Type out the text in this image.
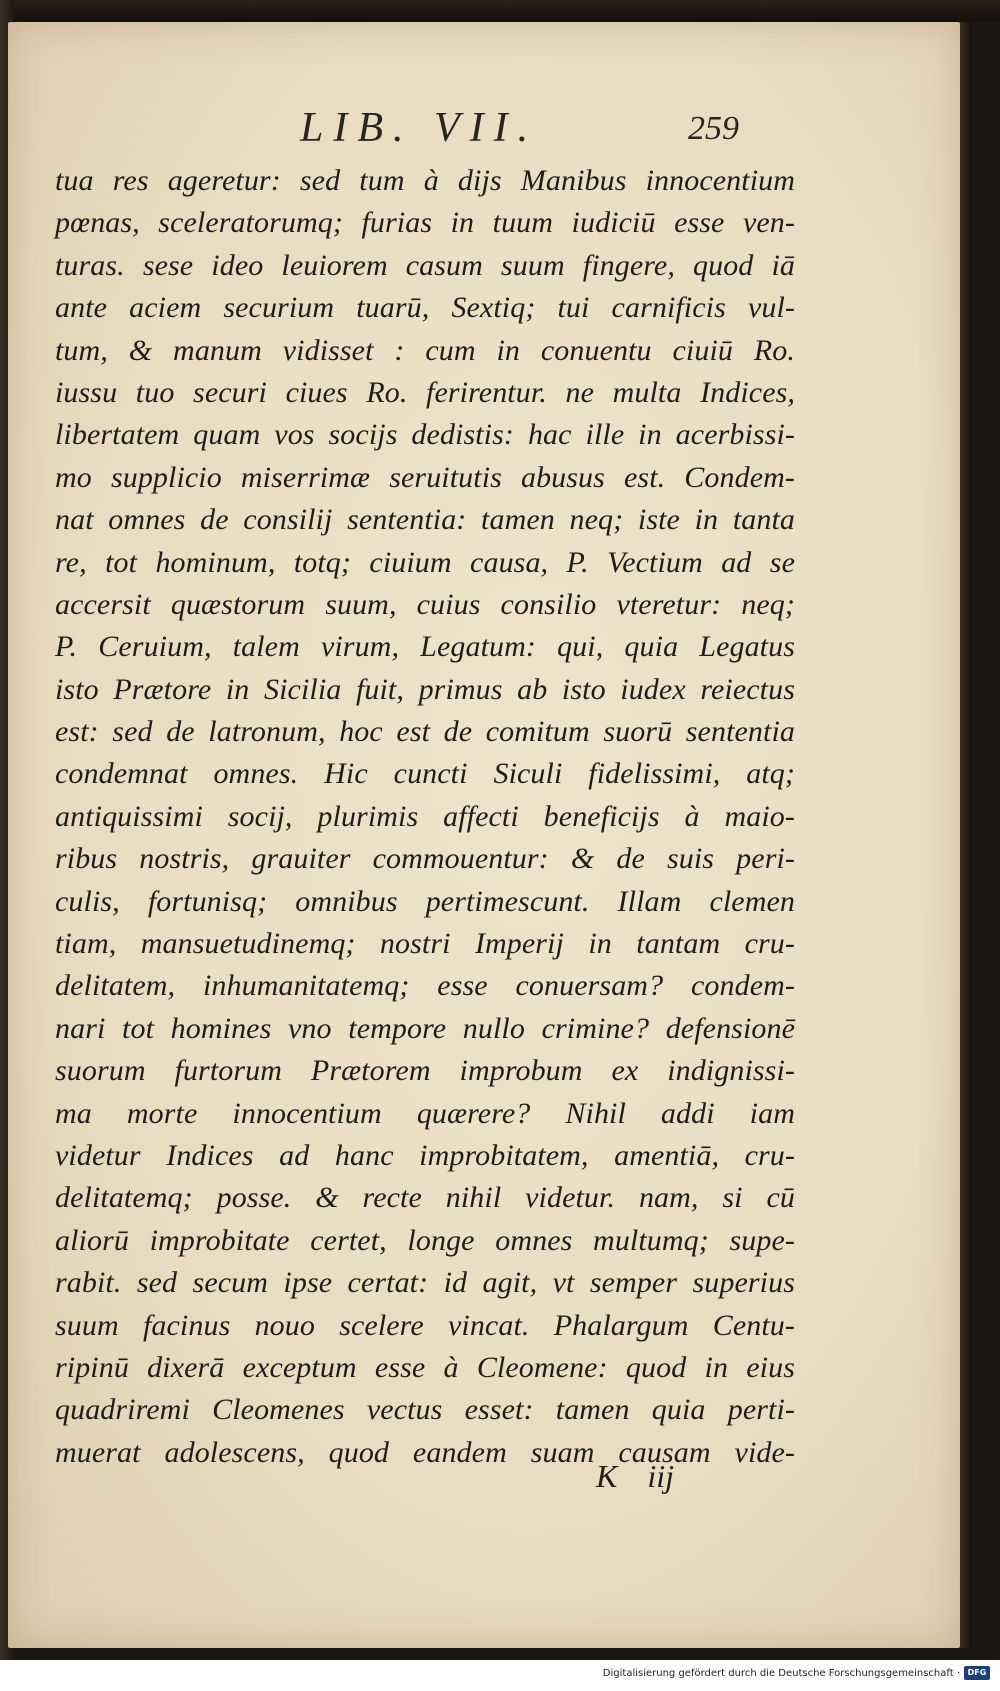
LIB. VII.	259
tua res ageretur: sed tum à dijs Manibus innocentium
pœnas, sceleratorumq; furias in tuum iudiciū esse ven-
turas. sese ideo leuiorem casum suum fingere, quod iā
ante aciem securium tuarū, Sextiq; tui carnificis vul-
tum, & manum vidisset : cum in conuentu ciuiū Ro.
iussu tuo securi ciues Ro. ferirentur. ne multa Indices,
libertatem quam vos socijs dedistis: hac ille in acerbissi-
mo supplicio miserrimæ seruitutis abusus est. Condem-
nat omnes de consilij sententia: tamen neq; iste in tanta
re, tot hominum, totq; ciuium causa, P. Vectium ad se
accersit quæstorum suum, cuius consilio vteretur: neq;
P. Ceruium, talem virum, Legatum: qui, quia Legatus
isto Prætore in Sicilia fuit, primus ab isto iudex reiectus
est: sed de latronum, hoc est de comitum suorū sententia
condemnat omnes. Hic cuncti Siculi fidelissimi, atq;
antiquissimi socij, plurimis affecti beneficijs à maio-
ribus nostris, grauiter commouentur: & de suis peri-
culis, fortunisq; omnibus pertimescunt. Illam clemen
tiam, mansuetudinemq; nostri Imperij in tantam cru-
delitatem, inhumanitatemq; esse conuersam? condem-
nari tot homines vno tempore nullo crimine? defensionē
suorum furtorum Prætorem improbum ex indignissi-
ma morte innocentium quærere? Nihil addi iam
videtur Indices ad hanc improbitatem, amentiā, cru-
delitatemq; posse. & recte nihil videtur. nam, si cū
aliorū improbitate certet, longe omnes multumq; supe-
rabit. sed secum ipse certat: id agit, vt semper superius
suum facinus nouo scelere vincat. Phalargum Centu-
ripinū dixerā exceptum esse à Cleomene: quod in eius
quadriremi Cleomenes vectus esset: tamen quia perti-
muerat adolescens, quod eandem suam causam vide-
K iij
Digitalisierung gefördert durch die Deutsche Forschungsgemeinschaft · DFG
